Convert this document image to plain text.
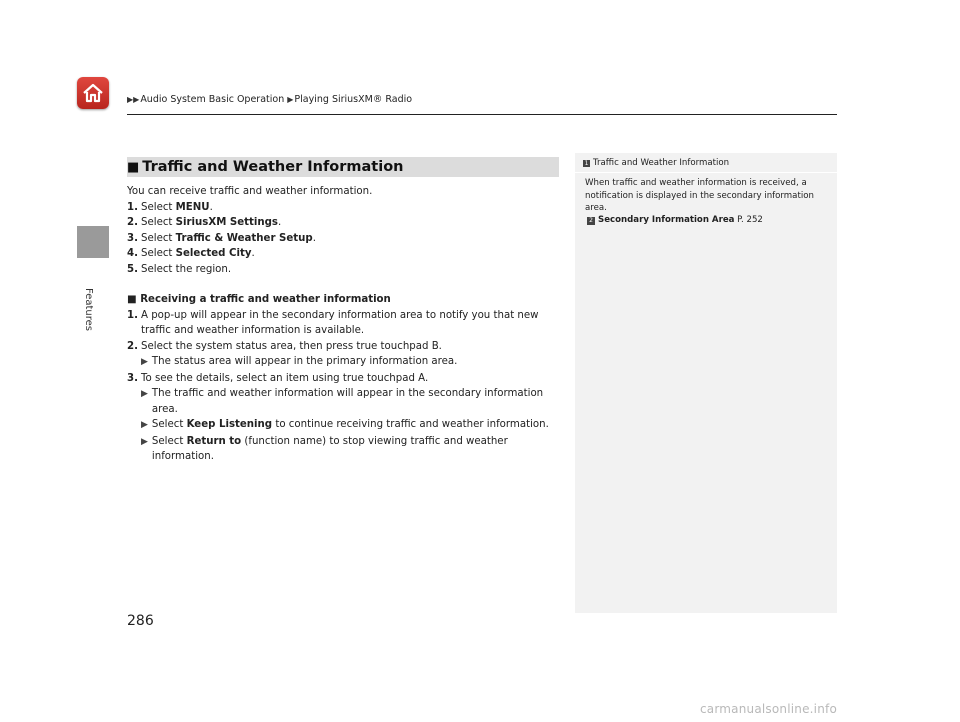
▶▶Audio System Basic Operation ▶Playing SiriusXM® Radio
Features
■ Traffic and Weather Information

You can receive traffic and weather information.

1. Select MENU.
2. Select SiriusXM Settings.
3. Select Traffic & Weather Setup.
4. Select Selected City.
5. Select the region.
■ Receiving a traffic and weather information
1. A pop-up will appear in the secondary information area to notify you that new traffic and weather information is available.
2. Select the system status area, then press true touchpad B.
▶ The status area will appear in the primary information area.
3. To see the details, select an item using true touchpad A.
▶ The traffic and weather information will appear in the secondary information area.
▶ Select Keep Listening to continue receiving traffic and weather information.
▶ Select Return to (function name) to stop viewing traffic and weather information.
1 Traffic and Weather Information
When traffic and weather information is received, a notification is displayed in the secondary information area.
2 Secondary Information Area P. 252
286
carmanualsonline.info
